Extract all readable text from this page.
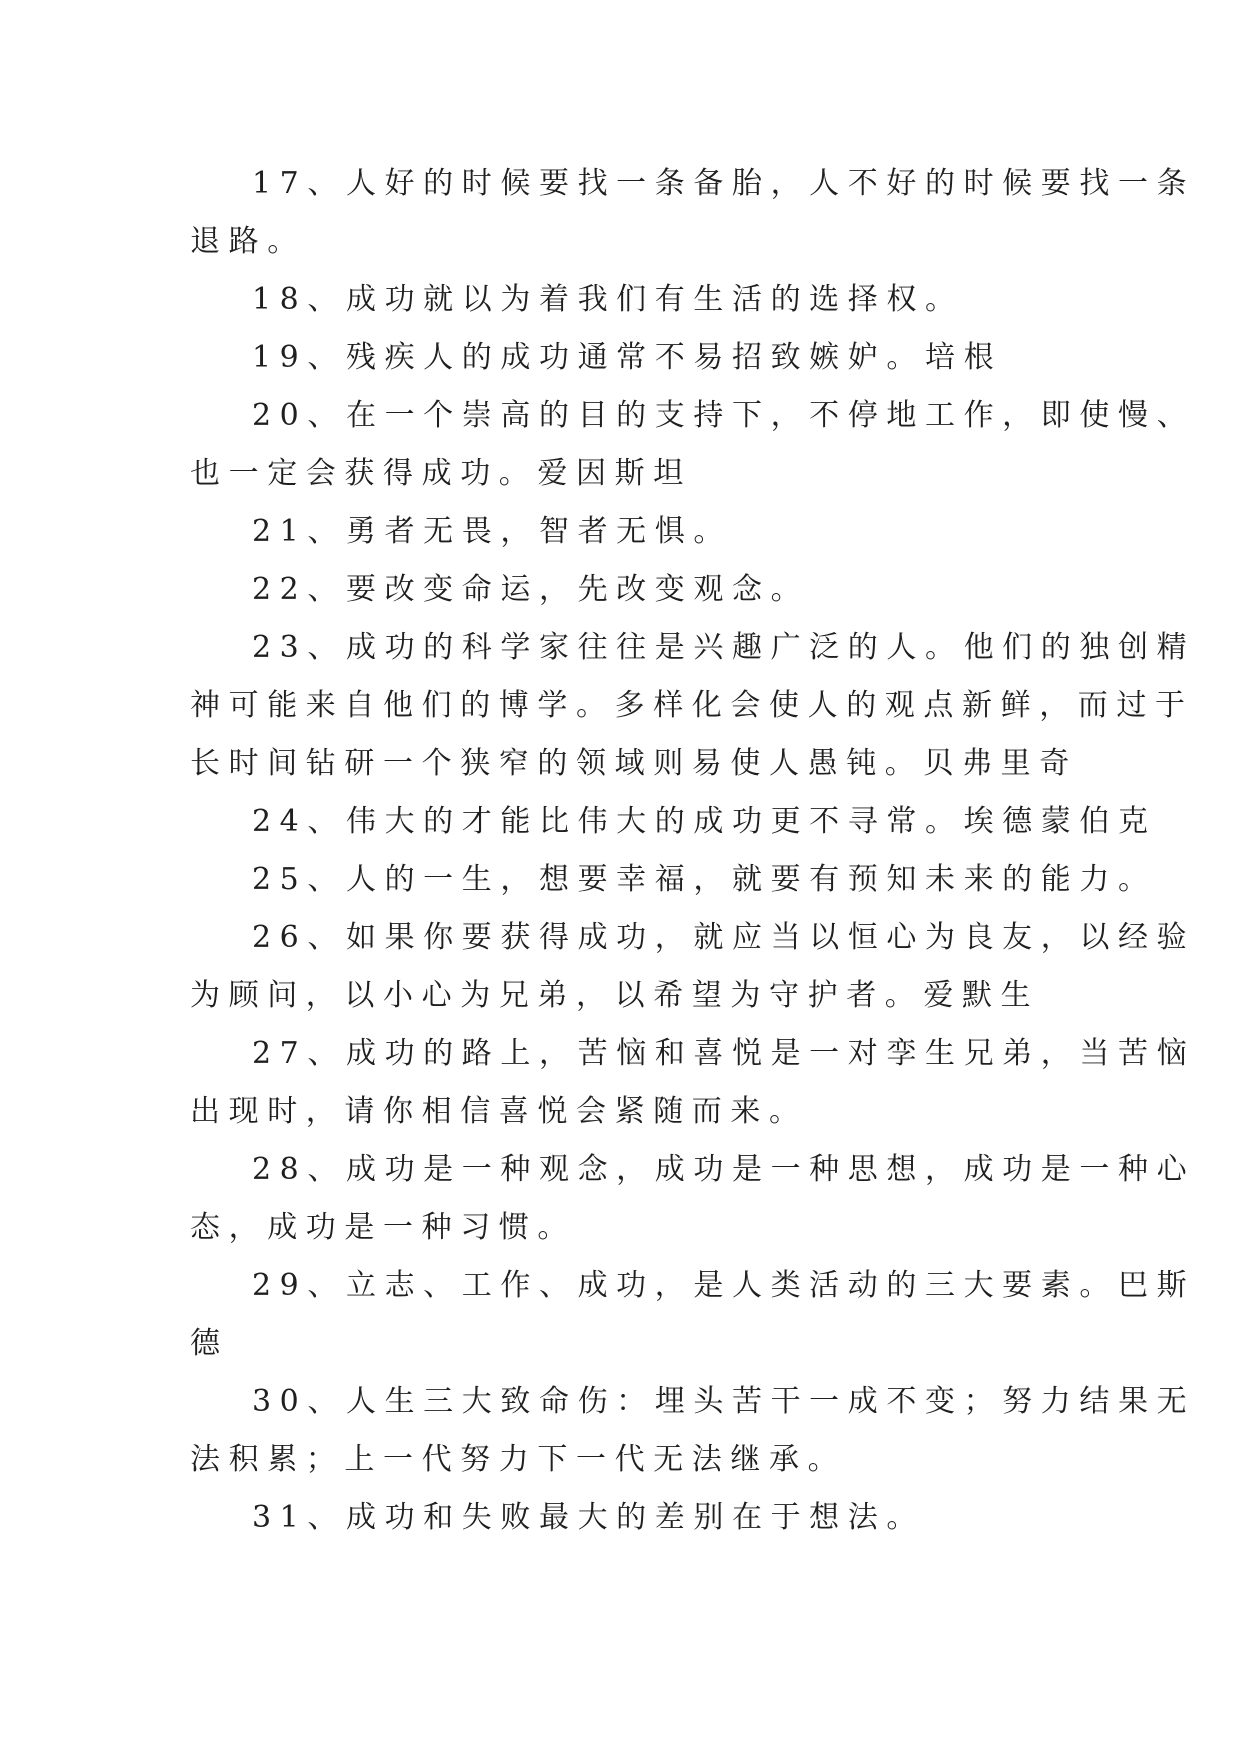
17、人好的时候要找一条备胎，人不好的时候要找一条
退路。
18、成功就以为着我们有生活的选择权。
19、残疾人的成功通常不易招致嫉妒。培根
20、在一个崇高的目的支持下，不停地工作，即使慢、
也一定会获得成功。爱因斯坦
21、勇者无畏，智者无惧。
22、要改变命运，先改变观念。
23、成功的科学家往往是兴趣广泛的人。他们的独创精
神可能来自他们的博学。多样化会使人的观点新鲜，而过于
长时间钻研一个狭窄的领域则易使人愚钝。贝弗里奇
24、伟大的才能比伟大的成功更不寻常。埃德蒙伯克
25、人的一生，想要幸福，就要有预知未来的能力。
26、如果你要获得成功，就应当以恒心为良友，以经验
为顾问，以小心为兄弟，以希望为守护者。爱默生
27、成功的路上，苦恼和喜悦是一对孪生兄弟，当苦恼
出现时，请你相信喜悦会紧随而来。
28、成功是一种观念，成功是一种思想，成功是一种心
态，成功是一种习惯。
29、立志、工作、成功，是人类活动的三大要素。巴斯
德
30、人生三大致命伤：埋头苦干一成不变；努力结果无
法积累；上一代努力下一代无法继承。
31、成功和失败最大的差别在于想法。
